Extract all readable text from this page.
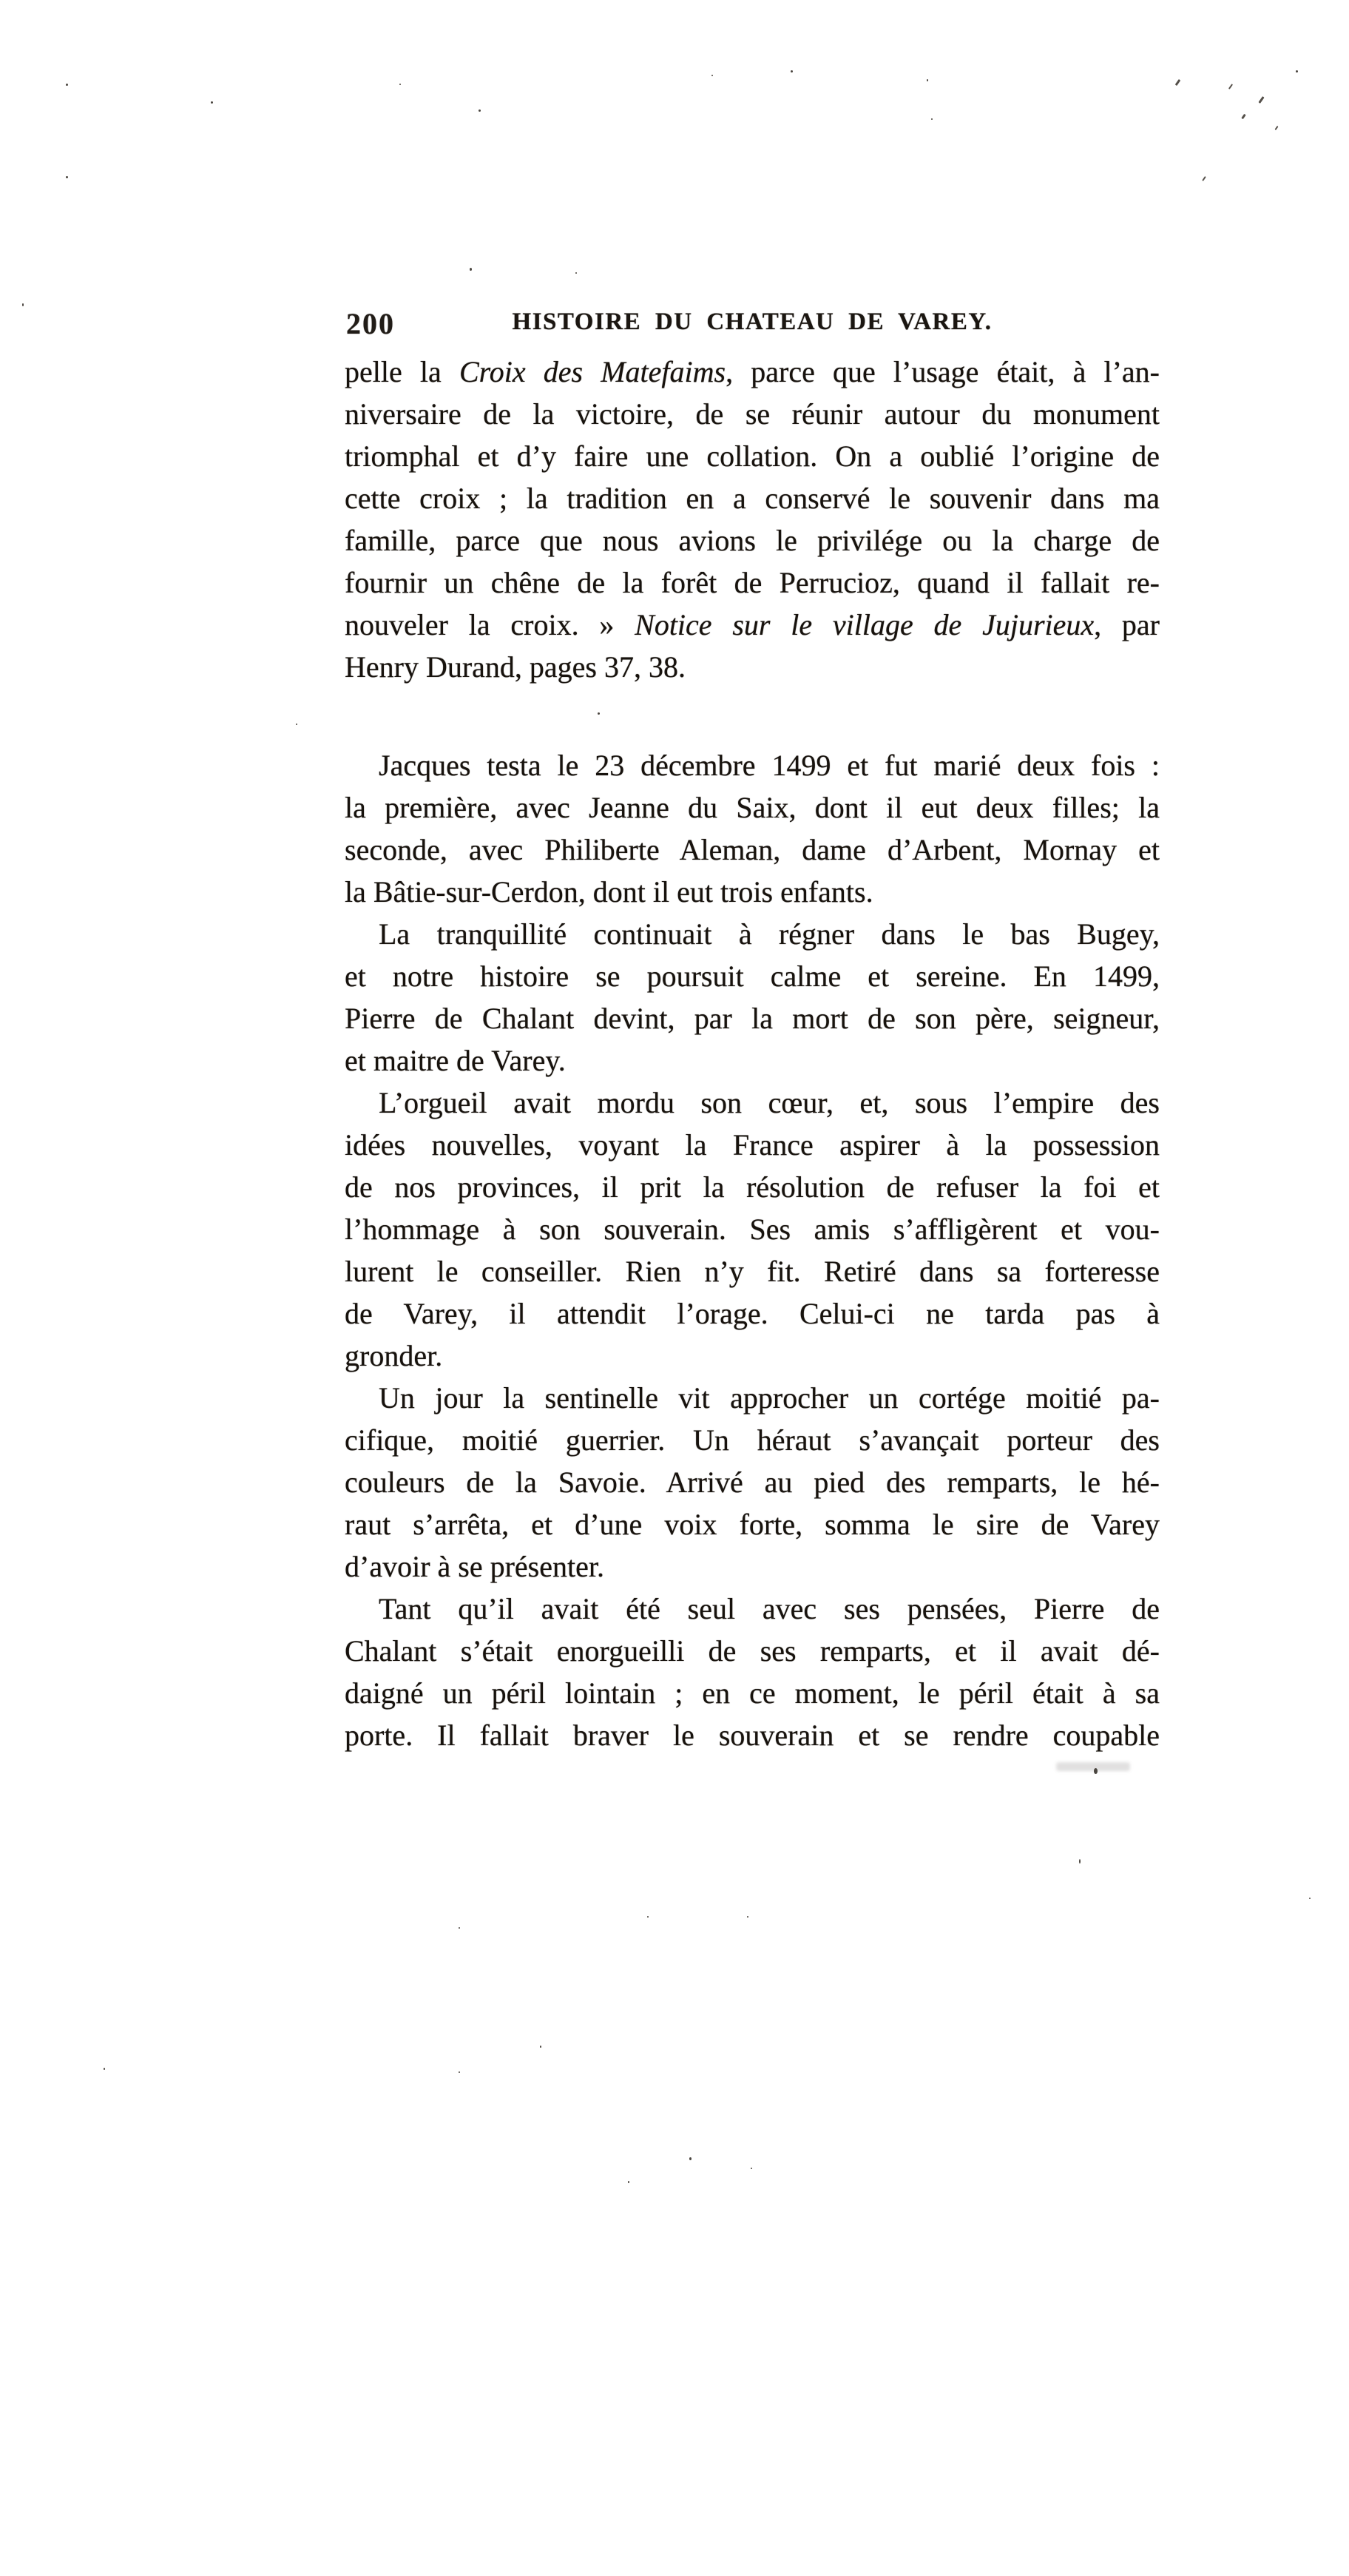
200	HISTOIRE DU CHATEAU DE VAREY.
pelle la Croix des Matefaims, parce que l’usage était, à l’an-
niversaire de la victoire, de se réunir autour du monument
triomphal et d’y faire une collation. On a oublié l’origine de
cette croix ; la tradition en a conservé le souvenir dans ma
famille, parce que nous avions le privilége ou la charge de
fournir un chêne de la forêt de Perrucioz, quand il fallait re-
nouveler la croix. » Notice sur le village de Jujurieux, par
Henry Durand, pages 37, 38.
Jacques testa le 23 décembre 1499 et fut marié deux fois :
la première, avec Jeanne du Saix, dont il eut deux filles; la
seconde, avec Philiberte Aleman, dame d’Arbent, Mornay et
la Bâtie-sur-Cerdon, dont il eut trois enfants.
La tranquillité continuait à régner dans le bas Bugey,
et notre histoire se poursuit calme et sereine. En 1499,
Pierre de Chalant devint, par la mort de son père, seigneur,
et maitre de Varey.
L’orgueil avait mordu son cœur, et, sous l’empire des
idées nouvelles, voyant la France aspirer à la possession
de nos provinces, il prit la résolution de refuser la foi et
l’hommage à son souverain. Ses amis s’affligèrent et vou-
lurent le conseiller. Rien n’y fit. Retiré dans sa forteresse
de Varey, il attendit l’orage. Celui-ci ne tarda pas à
gronder.
Un jour la sentinelle vit approcher un cortége moitié pa-
cifique, moitié guerrier. Un héraut s’avançait porteur des
couleurs de la Savoie. Arrivé au pied des remparts, le hé-
raut s’arrêta, et d’une voix forte, somma le sire de Varey
d’avoir à se présenter.
Tant qu’il avait été seul avec ses pensées, Pierre de
Chalant s’était enorgueilli de ses remparts, et il avait dé-
daigné un péril lointain ; en ce moment, le péril était à sa
porte. Il fallait braver le souverain et se rendre coupable
